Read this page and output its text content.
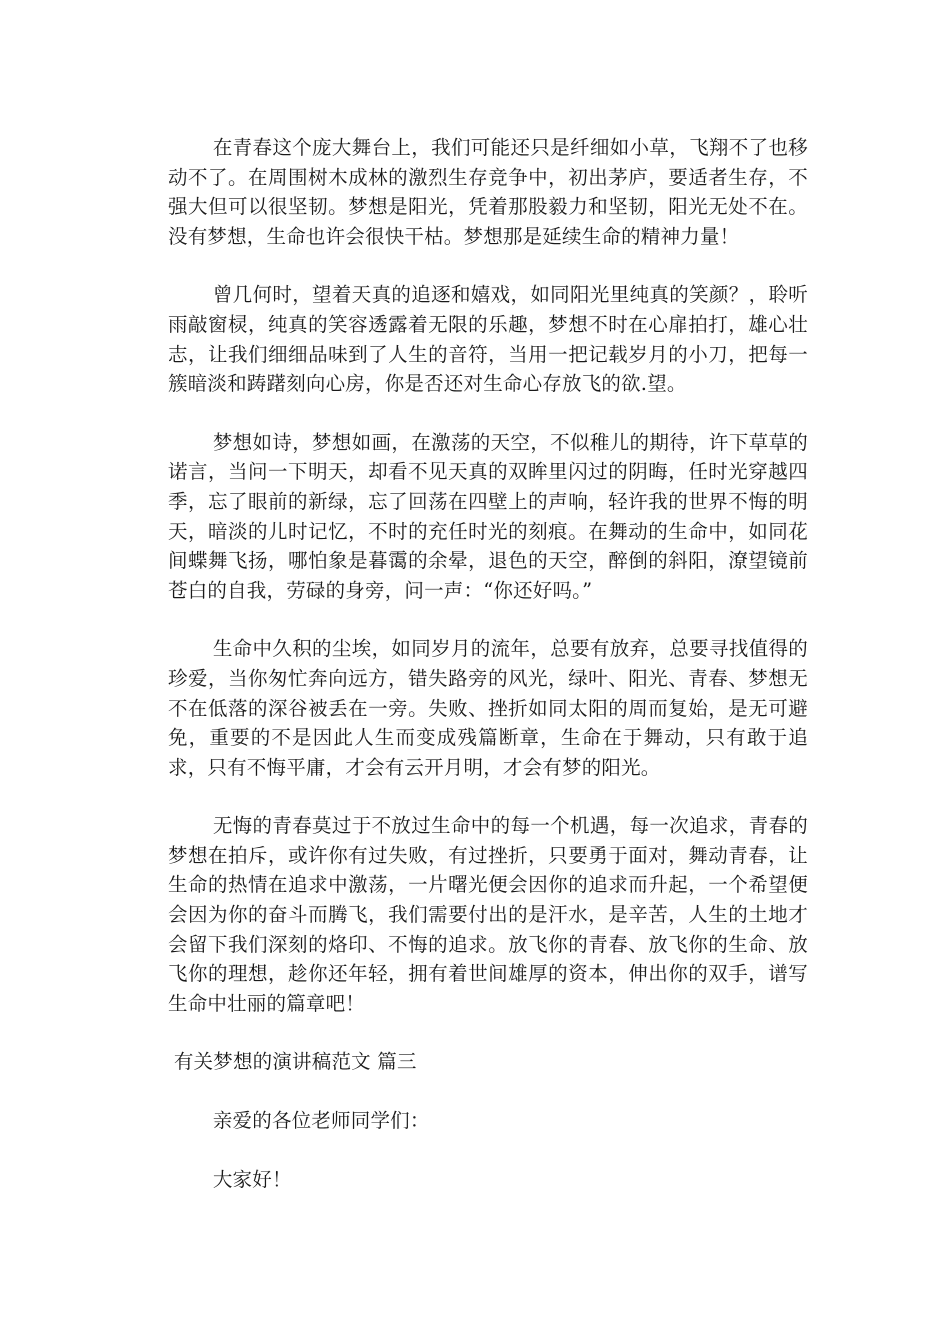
在青春这个庞大舞台上，我们可能还只是纤细如小草，飞翔不了也移动不了。在周围树木成林的激烈生存竞争中，初出茅庐，要适者生存，不强大但可以很坚韧。梦想是阳光，凭着那股毅力和坚韧，阳光无处不在。没有梦想，生命也许会很快干枯。梦想那是延续生命的精神力量！

曾几何时，望着天真的追逐和嬉戏，如同阳光里纯真的笑颜？，聆听雨敲窗棂，纯真的笑容透露着无限的乐趣，梦想不时在心扉拍打，雄心壮志，让我们细细品味到了人生的音符，当用一把记载岁月的小刀，把每一簇暗淡和踌躇刻向心房，你是否还对生命心存放飞的欲.望。

梦想如诗，梦想如画，在激荡的天空，不似稚儿的期待，许下草草的诺言，当问一下明天，却看不见天真的双眸里闪过的阴晦，任时光穿越四季，忘了眼前的新绿，忘了回荡在四壁上的声响，轻许我的世界不悔的明天，暗淡的儿时记忆，不时的充任时光的刻痕。在舞动的生命中，如同花间蝶舞飞扬，哪怕象是暮霭的余晕，退色的天空，醉倒的斜阳，潦望镜前苍白的自我，劳碌的身旁，问一声：“你还好吗。”

生命中久积的尘埃，如同岁月的流年，总要有放弃，总要寻找值得的珍爱，当你匆忙奔向远方，错失路旁的风光，绿叶、阳光、青春、梦想无不在低落的深谷被丢在一旁。失败、挫折如同太阳的周而复始，是无可避免，重要的不是因此人生而变成残篇断章，生命在于舞动，只有敢于追求，只有不悔平庸，才会有云开月明，才会有梦的阳光。

无悔的青春莫过于不放过生命中的每一个机遇，每一次追求，青春的梦想在拍斥，或许你有过失败，有过挫折，只要勇于面对，舞动青春，让生命的热情在追求中激荡，一片曙光便会因你的追求而升起，一个希望便会因为你的奋斗而腾飞，我们需要付出的是汗水，是辛苦，人生的土地才会留下我们深刻的烙印、不悔的追求。放飞你的青春、放飞你的生命、放飞你的理想，趁你还年轻，拥有着世间雄厚的资本，伸出你的双手，谱写生命中壮丽的篇章吧！

有关梦想的演讲稿范文 篇三

亲爱的各位老师同学们：

大家好！
